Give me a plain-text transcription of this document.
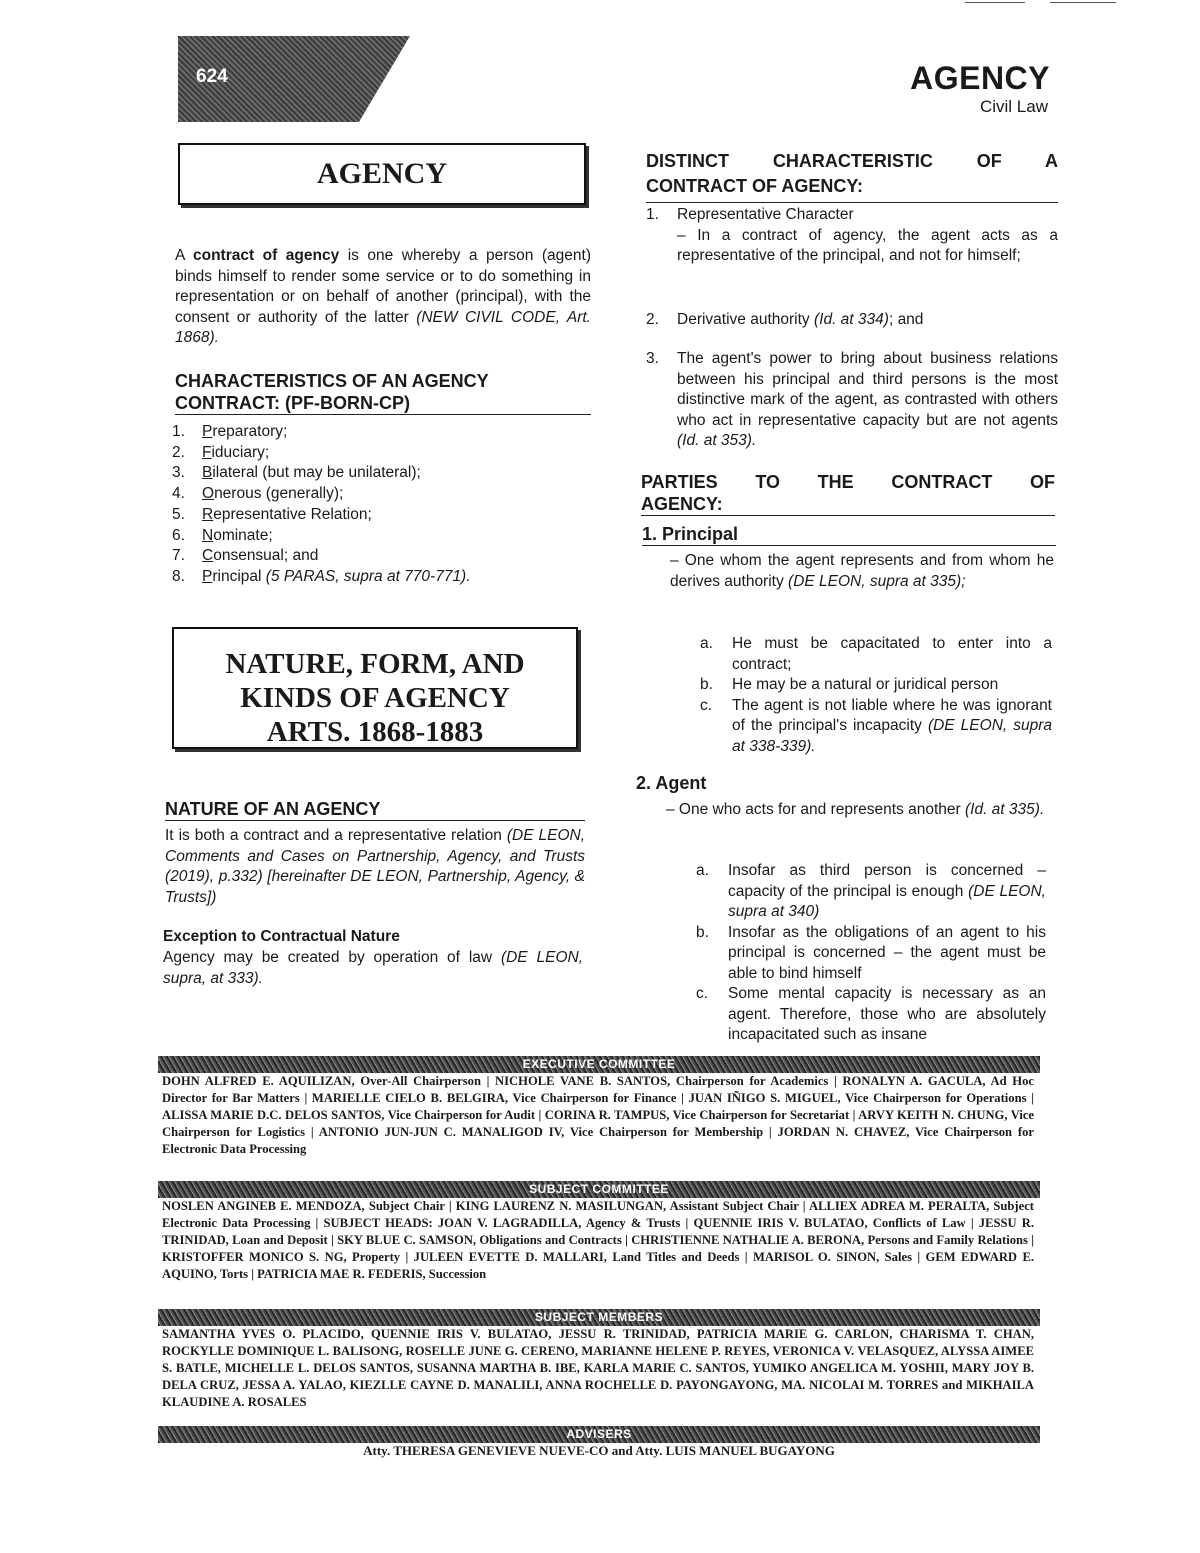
624	AGENCY
Civil Law
AGENCY
A contract of agency is one whereby a person (agent) binds himself to render some service or to do something in representation or on behalf of another (principal), with the consent or authority of the latter (NEW CIVIL CODE, Art. 1868).
CHARACTERISTICS OF AN AGENCY
CONTRACT: (PF-BORN-CP)
1.	Preparatory;
2.	Fiduciary;
3.	Bilateral (but may be unilateral);
4.	Onerous (generally);
5.	Representative Relation;
6.	Nominate;
7.	Consensual; and
8.	Principal (5 PARAS, supra at 770-771).
NATURE, FORM, AND
KINDS OF AGENCY
ARTS. 1868-1883
NATURE OF AN AGENCY
It is both a contract and a representative relation (DE LEON, Comments and Cases on Partnership, Agency, and Trusts (2019), p.332) [hereinafter DE LEON, Partnership, Agency, & Trusts])
Exception to Contractual Nature
Agency may be created by operation of law (DE LEON, supra, at 333).
DISTINCT CHARACTERISTIC OF A
CONTRACT OF AGENCY:
1.	Representative Character
– In a contract of agency, the agent acts as a representative of the principal, and not for himself;
2.	Derivative authority (Id. at 334); and
3.	The agent's power to bring about business relations between his principal and third persons is the most distinctive mark of the agent, as contrasted with others who act in representative capacity but are not agents (Id. at 353).
PARTIES TO THE CONTRACT OF
AGENCY:
1. Principal
– One whom the agent represents and from whom he derives authority (DE LEON, supra at 335);
a.	He must be capacitated to enter into a contract;
b.	He may be a natural or juridical person
c.	The agent is not liable where he was ignorant of the principal's incapacity (DE LEON, supra at 338-339).
2. Agent
– One who acts for and represents another (Id. at 335).
a.	Insofar as third person is concerned – capacity of the principal is enough (DE LEON, supra at 340)
b.	Insofar as the obligations of an agent to his principal is concerned – the agent must be able to bind himself
c.	Some mental capacity is necessary as an agent. Therefore, those who are absolutely incapacitated such as insane
EXECUTIVE COMMITTEE
DOHN ALFRED E. AQUILIZAN, Over-All Chairperson | NICHOLE VANE B. SANTOS, Chairperson for Academics | RONALYN A. GACULA, Ad Hoc Director for Bar Matters | MARIELLE CIELO B. BELGIRA, Vice Chairperson for Finance | JUAN IÑIGO S. MIGUEL, Vice Chairperson for Operations | ALISSA MARIE D.C. DELOS SANTOS, Vice Chairperson for Audit | CORINA R. TAMPUS, Vice Chairperson for Secretariat | ARVY KEITH N. CHUNG, Vice Chairperson for Logistics | ANTONIO JUN-JUN C. MANALIGOD IV, Vice Chairperson for Membership | JORDAN N. CHAVEZ, Vice Chairperson for Electronic Data Processing
SUBJECT COMMITTEE
NOSLEN ANGINEB E. MENDOZA, Subject Chair | KING LAURENZ N. MASILUNGAN, Assistant Subject Chair | ALLIEX ADREA M. PERALTA, Subject Electronic Data Processing | SUBJECT HEADS: JOAN V. LAGRADILLA, Agency & Trusts | QUENNIE IRIS V. BULATAO, Conflicts of Law | JESSU R. TRINIDAD, Loan and Deposit | SKY BLUE C. SAMSON, Obligations and Contracts | CHRISTIENNE NATHALIE A. BERONA, Persons and Family Relations | KRISTOFFER MONICO S. NG, Property | JULEEN EVETTE D. MALLARI, Land Titles and Deeds | MARISOL O. SINON, Sales | GEM EDWARD E. AQUINO, Torts | PATRICIA MAE R. FEDERIS, Succession
SUBJECT MEMBERS
SAMANTHA YVES O. PLACIDO, QUENNIE IRIS V. BULATAO, JESSU R. TRINIDAD, PATRICIA MARIE G. CARLON, CHARISMA T. CHAN, ROCKYLLE DOMINIQUE L. BALISONG, ROSELLE JUNE G. CERENO, MARIANNE HELENE P. REYES, VERONICA V. VELASQUEZ, ALYSSA AIMEE S. BATLE, MICHELLE L. DELOS SANTOS, SUSANNA MARTHA B. IBE, KARLA MARIE C. SANTOS, YUMIKO ANGELICA M. YOSHII, MARY JOY B. DELA CRUZ, JESSA A. YALAO, KIEZLLE CAYNE D. MANALILI, ANNA ROCHELLE D. PAYONGAYONG, MA. NICOLAI M. TORRES and MIKHAILA KLAUDINE A. ROSALES
ADVISERS
Atty. THERESA GENEVIEVE NUEVE-CO and Atty. LUIS MANUEL BUGAYONG
